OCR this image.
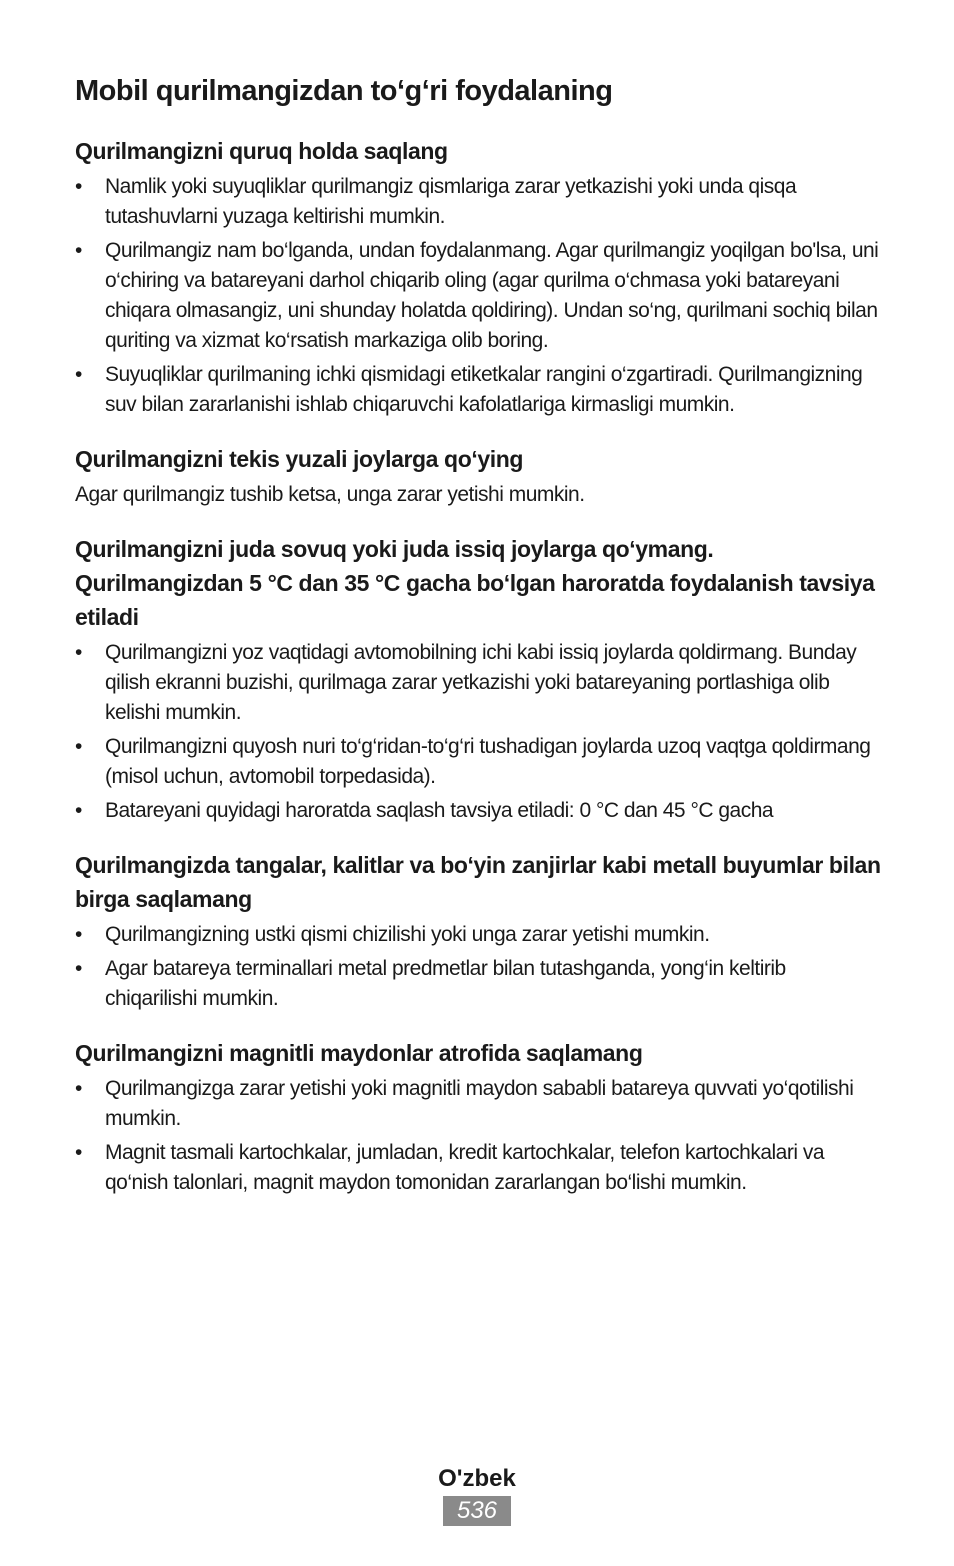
Mobil qurilmangizdan to‘g‘ri foydalaning
Qurilmangizni quruq holda saqlang
•	Namlik yoki suyuqliklar qurilmangiz qismlariga zarar yetkazishi yoki unda qisqa tutashuvlarni yuzaga keltirishi mumkin.
•	Qurilmangiz nam bo‘lganda, undan foydalanmang. Agar qurilmangiz yoqilgan bo'lsa, uni o‘chiring va batareyani darhol chiqarib oling (agar qurilma o‘chmasa yoki batareyani chiqara olmasangiz, uni shunday holatda qoldiring). Undan so‘ng, qurilmani sochiq bilan quriting va xizmat ko‘rsatish markaziga olib boring.
•	Suyuqliklar qurilmaning ichki qismidagi etiketkalar rangini o‘zgartiradi. Qurilmangizning suv bilan zararlanishi ishlab chiqaruvchi kafolatlariga kirmasligi mumkin.
Qurilmangizni tekis yuzali joylarga qo‘ying

Agar qurilmangiz tushib ketsa, unga zarar yetishi mumkin.

Qurilmangizni juda sovuq yoki juda issiq joylarga qo‘ymang. Qurilmangizdan 5 °C dan 35 °C gacha bo‘lgan haroratda foydalanish tavsiya etiladi
•	Qurilmangizni yoz vaqtidagi avtomobilning ichi kabi issiq joylarda qoldirmang. Bunday qilish ekranni buzishi, qurilmaga zarar yetkazishi yoki batareyaning portlashiga olib kelishi mumkin.
•	Qurilmangizni quyosh nuri to‘g‘ridan-to‘g‘ri tushadigan joylarda uzoq vaqtga qoldirmang (misol uchun, avtomobil torpedasida).
•	Batareyani quyidagi haroratda saqlash tavsiya etiladi: 0 °C dan 45 °C gacha
Qurilmangizda tangalar, kalitlar va bo‘yin zanjirlar kabi metall buyumlar bilan birga saqlamang
•	Qurilmangizning ustki qismi chizilishi yoki unga zarar yetishi mumkin.
•	Agar batareya terminallari metal predmetlar bilan tutashganda, yong‘in keltirib chiqarilishi mumkin.
Qurilmangizni magnitli maydonlar atrofida saqlamang
•	Qurilmangizga zarar yetishi yoki magnitli maydon sababli batareya quvvati yo‘qotilishi mumkin.
•	Magnit tasmali kartochkalar, jumladan, kredit kartochkalar, telefon kartochkalari va qo‘nish talonlari, magnit maydon tomonidan zararlangan bo‘lishi mumkin.
O'zbek
536
